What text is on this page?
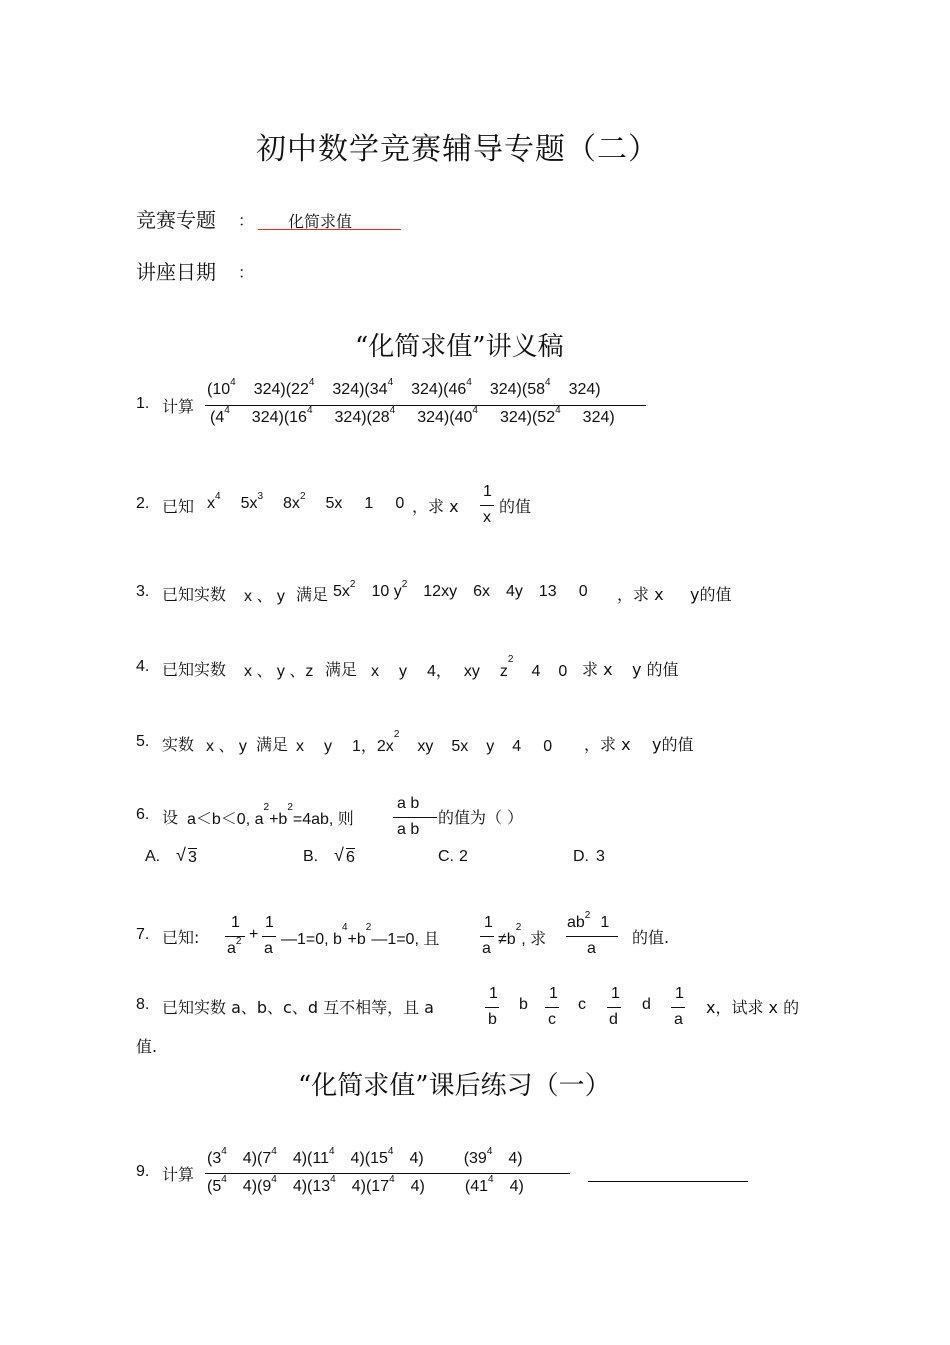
初中数学竞赛辅导专题（二）
竞赛专题 ： 化简求值
讲座日期 ：
“化简求值”讲义稿
1. 计算
($10^4$ $324)(22^4$ $324)(34^4$ $324)(46^4$ $324)(58^4$ 324)
($4^4$ $324)(16^4$ $324)(28^4$ $324)(40^4$ $324)(52^4$ 324)
2. 已知 $x^4$ $5x^3$ $8x^2$ 5x 1 0 ，求 x
1
x
的值
3. 已知实数 x 、 y 满足 $5x^2$ 10 $y^2$ 12xy 6x 4y 13 0 ，求 x y的值
4. 已知实数 x 、 y 、z 满足 x y 4， xy $z^24$ 0 求 x y 的值
5. 实数 x 、 y 满足 x y 1，$2x^2xy$ 5x y 4 0 ，求 x y的值
6. 设 a＜b＜0, $a^2+b^2=4ab$, 则
a b
a b
的值为（ ）
A. √ 3	B. √ 6	C. 2	D. 3
7. 已知:
1
$a^2$ +
1
a
—1=0, $b^4+b^2—1=0$, 且
1
a
$\ne b^2$, 求
$ab^2$ 1
a
的值.
8. 已知实数 a、b、c、d 互不相等，且 a
1
b
b
1
c
c
1
d
d
1
a
x，试求 x 的
值.
“化简求值”课后练习（一）
9. 计算
($3^4$ $4)(7^4$ $4)(11^4$ $4)(15^4$ 4)	($39^4$ 4)
($5^4$ $4)(9^4$ $4)(13^4$ $4)(17^4$ 4)	($41^4$ 4)
